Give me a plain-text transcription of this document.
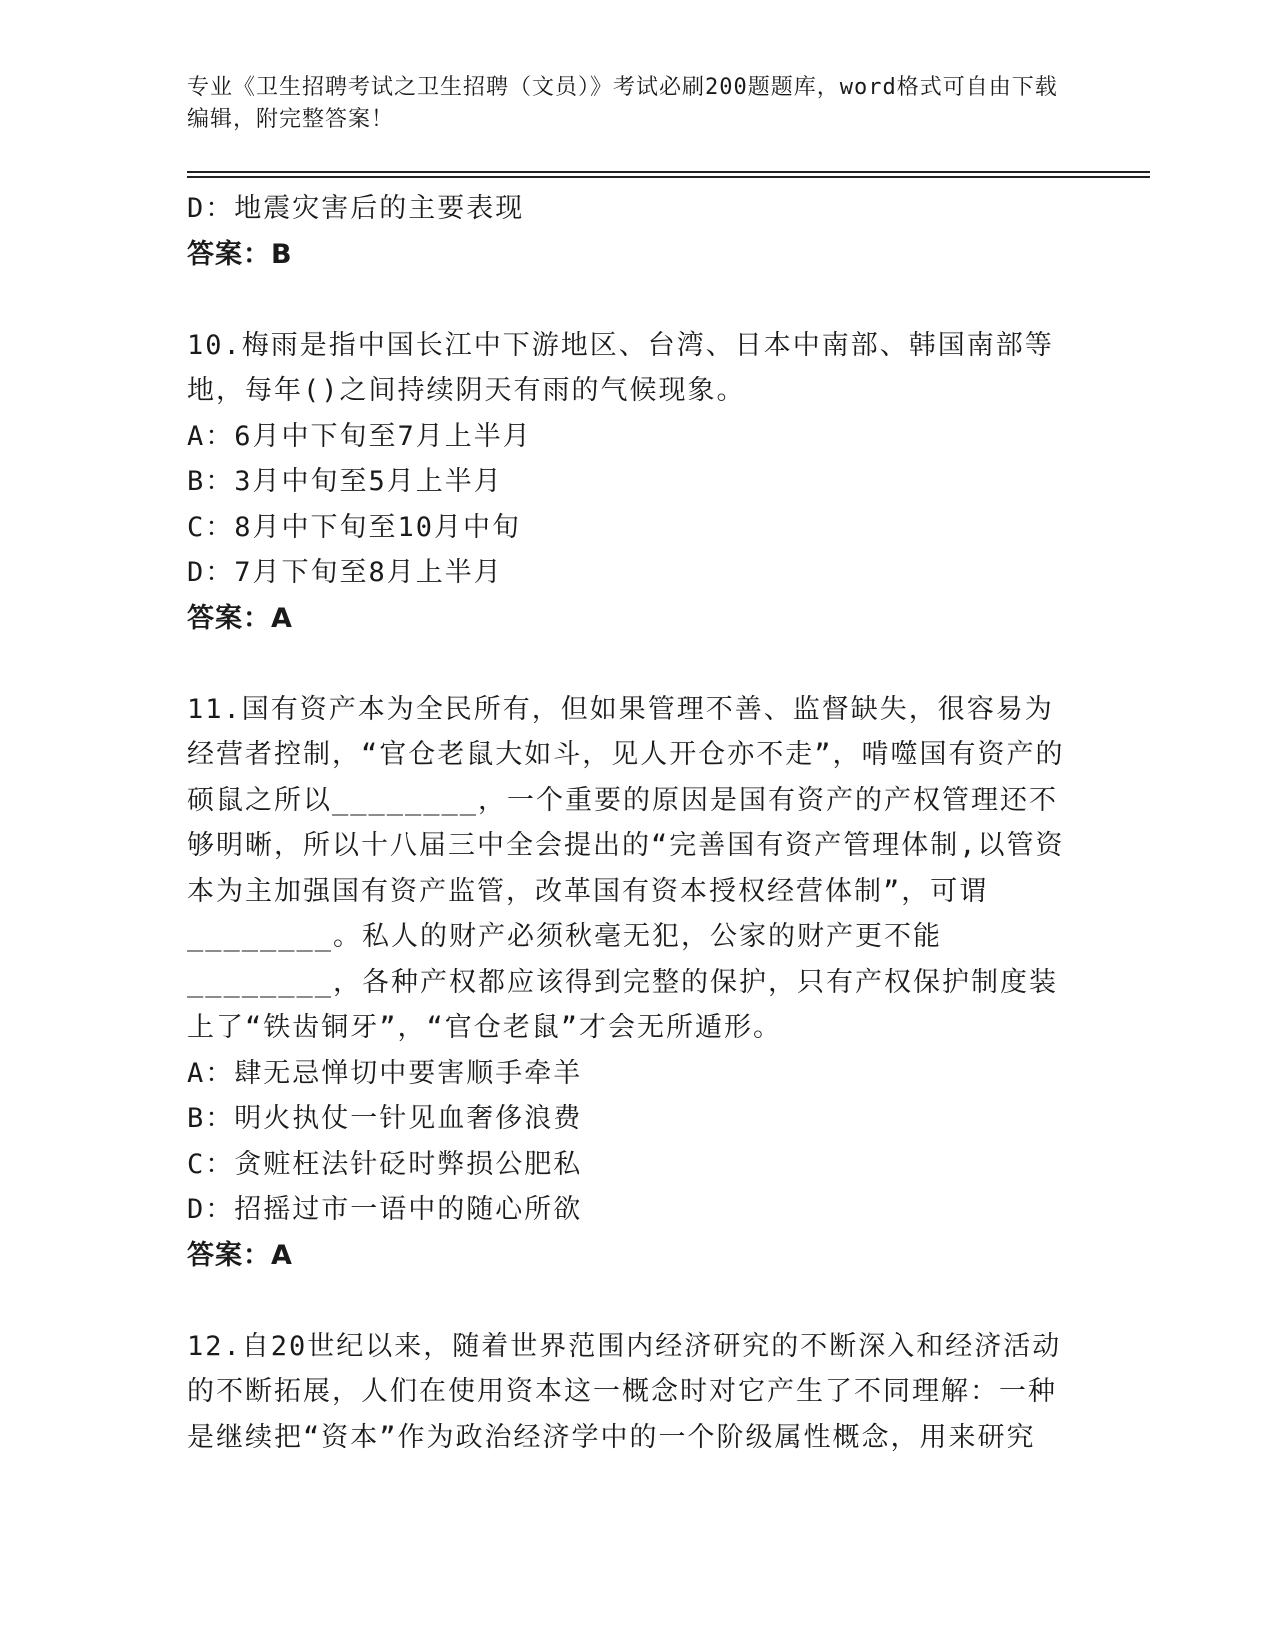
专业《卫生招聘考试之卫生招聘（文员）》考试必刷200题题库，word格式可自由下载编辑，附完整答案！
D：地震灾害后的主要表现
答案：B
10.梅雨是指中国长江中下游地区、台湾、日本中南部、韩国南部等地，每年()之间持续阴天有雨的气候现象。
A：6月中下旬至7月上半月
B：3月中旬至5月上半月
C：8月中下旬至10月中旬
D：7月下旬至8月上半月
答案：A
11.国有资产本为全民所有，但如果管理不善、监督缺失，很容易为经营者控制，“官仓老鼠大如斗，见人开仓亦不走”，啃噬国有资产的硕鼠之所以________，一个重要的原因是国有资产的产权管理还不够明晰，所以十八届三中全会提出的“完善国有资产管理体制,以管资本为主加强国有资产监管，改革国有资本授权经营体制”，可谓________。私人的财产必须秋毫无犯，公家的财产更不能________，各种产权都应该得到完整的保护，只有产权保护制度装上了“铁齿铜牙”，“官仓老鼠”才会无所遁形。
A：肆无忌惮切中要害顺手牵羊
B：明火执仗一针见血奢侈浪费
C：贪赃枉法针砭时弊损公肥私
D：招摇过市一语中的随心所欲
答案：A
12.自20世纪以来，随着世界范围内经济研究的不断深入和经济活动的不断拓展，人们在使用资本这一概念时对它产生了不同理解：一种是继续把“资本”作为政治经济学中的一个阶级属性概念，用来研究
